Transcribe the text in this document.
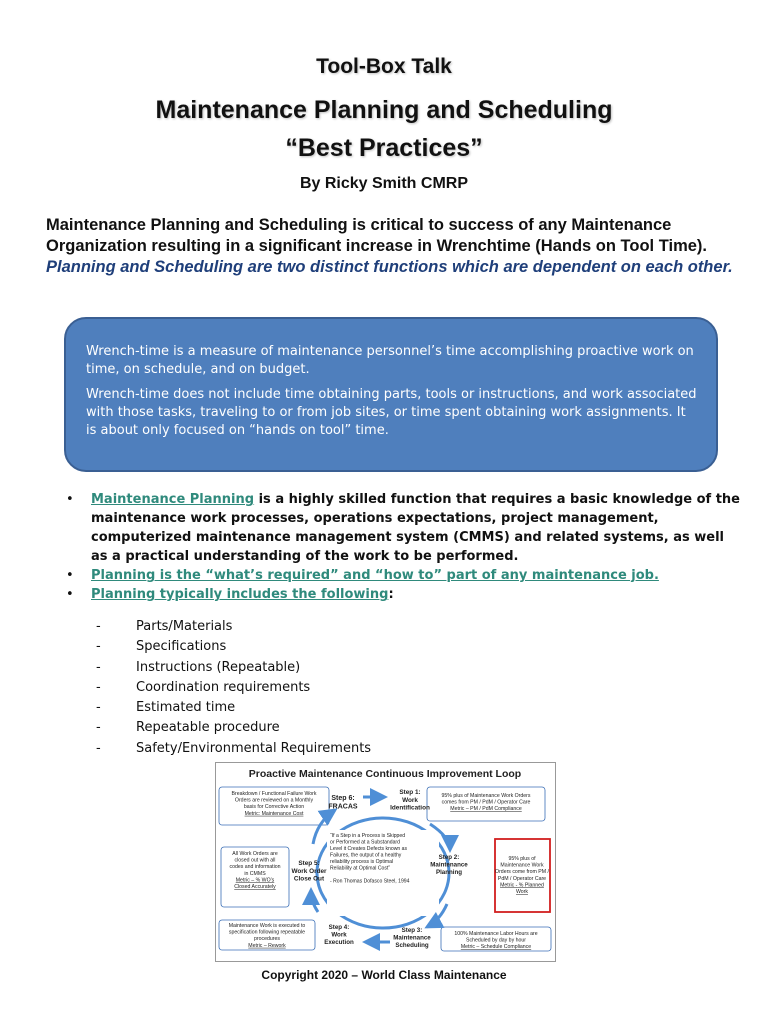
Tool-Box Talk
Maintenance Planning and Scheduling
“Best Practices”
By Ricky Smith CMRP
Maintenance Planning and Scheduling is critical to success of any Maintenance Organization resulting in a significant increase in Wrenchtime (Hands on Tool Time). Planning and Scheduling are two distinct functions which are dependent on each other.

Wrench-time is a measure of maintenance personnel’s time accomplishing proactive work on time, on schedule, and on budget.

Wrench-time does not include time obtaining parts, tools or instructions, and work associated with those tasks, traveling to or from job sites, or time spent obtaining work assignments. It is about only focused on “hands on tool” time.

• Maintenance Planning is a highly skilled function that requires a basic knowledge of the maintenance work processes, operations expectations, project management, computerized maintenance management system (CMMS) and related systems, as well as a practical understanding of the work to be performed.
• Planning is the “what’s required” and “how to” part of any maintenance job.
• Planning typically includes the following:
-	Parts/Materials
-	Specifications
-	Instructions (Repeatable)
-	Coordination requirements
-	Estimated time
-	Repeatable procedure
-	Safety/Environmental Requirements
Proactive Maintenance Continuous Improvement Loop
Breakdown / Functional Failure Work
Orders are reviewed on a Monthly
basis for Corrective Action
Metric: Maintenance Cost
95% plus of Maintenance Work Orders
comes from PM / PdM / Operator Care
Metric – PM / PdM Compliance
All Work Orders are
closed out with all
codes and information
in CMMS
Metric – % WO’s
Closed Accurately
Maintenance Work is executed to
specification following repeatable
procedures
Metric – Rework
100% Maintenance Labor Hours are
Scheduled by day by hour
Metric – Schedule Compliance
95% plus of
Maintenance Work
Orders come from PM /
PdM / Operator Care
Metric - % Planned
Work
“If a Step in a Process is Skipped
or Performed at a Substandard
Level it Creates Defects known as
Failures, the output of a healthy
reliability process is Optimal
Reliability at Optimal Cost”
- Ron Thomas Dofasco Steel, 1994
Step 6:
FRACAS
Step 1:
Work
Identification
Step 5:
Work Order
Close Out
Step 2:
Maintenance
Planning
Step 4:
Work
Execution
Step 3:
Maintenance
Scheduling
Copyright 2020 – World Class Maintenance
